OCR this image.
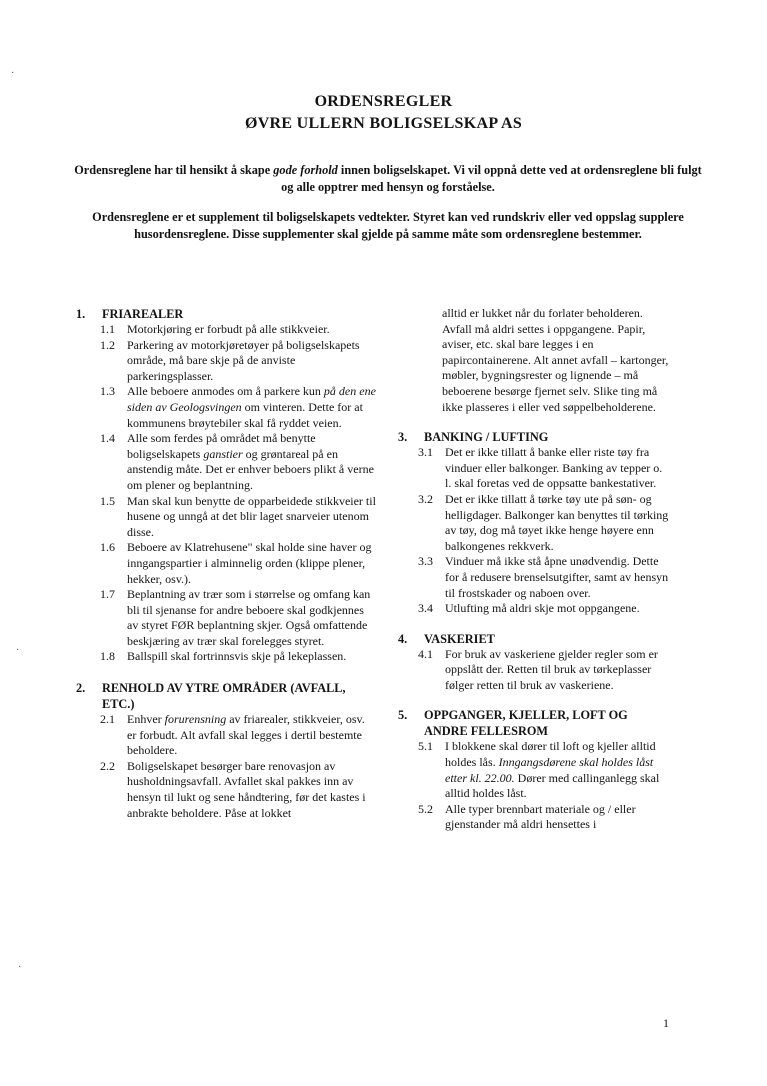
ORDENSREGLER
ØVRE ULLERN BOLIGSELSKAP AS
Ordensreglene har til hensikt å skape gode forhold innen boligselskapet. Vi vil oppnå dette ved at ordensreglene bli fulgt og alle opptrer med hensyn og forståelse.
Ordensreglene er et supplement til boligselskapets vedtekter. Styret kan ved rundskriv eller ved oppslag supplere husordensreglene. Disse supplementer skal gjelde på samme måte som ordensreglene bestemmer.
1.	FRIAREALER
1.1	Motorkjøring er forbudt på alle stikkveier.
1.2	Parkering av motorkjøretøyer på boligselskapets område, må bare skje på de anviste parkeringsplasser.
1.3	Alle beboere anmodes om å parkere kun på den ene siden av Geologsvingen om vinteren. Dette for at kommunens brøytebiler skal få ryddet veien.
1.4	Alle som ferdes på området må benytte boligselskapets ganstier og grøntareal på en anstendig måte. Det er enhver beboers plikt å verne om plener og beplantning.
1.5	Man skal kun benytte de opparbeidede stikkveier til husene og unngå at det blir laget snarveier utenom disse.
1.6	Beboere av Klatrehusene" skal holde sine haver og inngangspartier i alminnelig orden (klippe plener, hekker, osv.).
1.7	Beplantning av trær som i størrelse og omfang kan bli til sjenanse for andre beboere skal godkjennes av styret FØR beplantning skjer. Også omfattende beskjæring av trær skal forelegges styret.
1.8	Ballspill skal fortrinnsvis skje på lekeplassen.
2.	RENHOLD AV YTRE OMRÅDER (AVFALL, ETC.)
2.1	Enhver forurensning av friarealer, stikkveier, osv. er forbudt. Alt avfall skal legges i dertil bestemte beholdere.
2.2	Boligselskapet besørger bare renovasjon av husholdningsavfall. Avfallet skal pakkes inn av hensyn til lukt og sene håndtering, før det kastes i anbrakte beholdere. Påse at lokket
alltid er lukket når du forlater beholderen. Avfall må aldri settes i oppgangene. Papir, aviser, etc. skal bare legges i en papircontainerene. Alt annet avfall – kartonger, møbler, bygningsrester og lignende – må beboerene besørge fjernet selv. Slike ting må ikke plasseres i eller ved søppelbeholderene.
3.	BANKING / LUFTING
3.1	Det er ikke tillatt å banke eller riste tøy fra vinduer eller balkonger. Banking av tepper o. l. skal foretas ved de oppsatte bankestativer.
3.2	Det er ikke tillatt å tørke tøy ute på søn- og helligdager. Balkonger kan benyttes til tørking av tøy, dog må tøyet ikke henge høyere enn balkongenes rekkverk.
3.3	Vinduer må ikke stå åpne unødvendig. Dette for å redusere brenselsutgifter, samt av hensyn til frostskader og naboen over.
3.4	Utlufting må aldri skje mot oppgangene.
4.	VASKERIET
4.1	For bruk av vaskeriene gjelder regler som er oppslått der. Retten til bruk av tørkeplasser følger retten til bruk av vaskeriene.
5.	OPPGANGER, KJELLER, LOFT OG ANDRE FELLESROM
5.1	I blokkene skal dører til loft og kjeller alltid holdes lås. Inngangsdørene skal holdes låst etter kl. 22.00. Dører med callinganlegg skal alltid holdes låst.
5.2	Alle typer brennbart materiale og / eller gjenstander må aldri hensettes i
1
·
·
·
